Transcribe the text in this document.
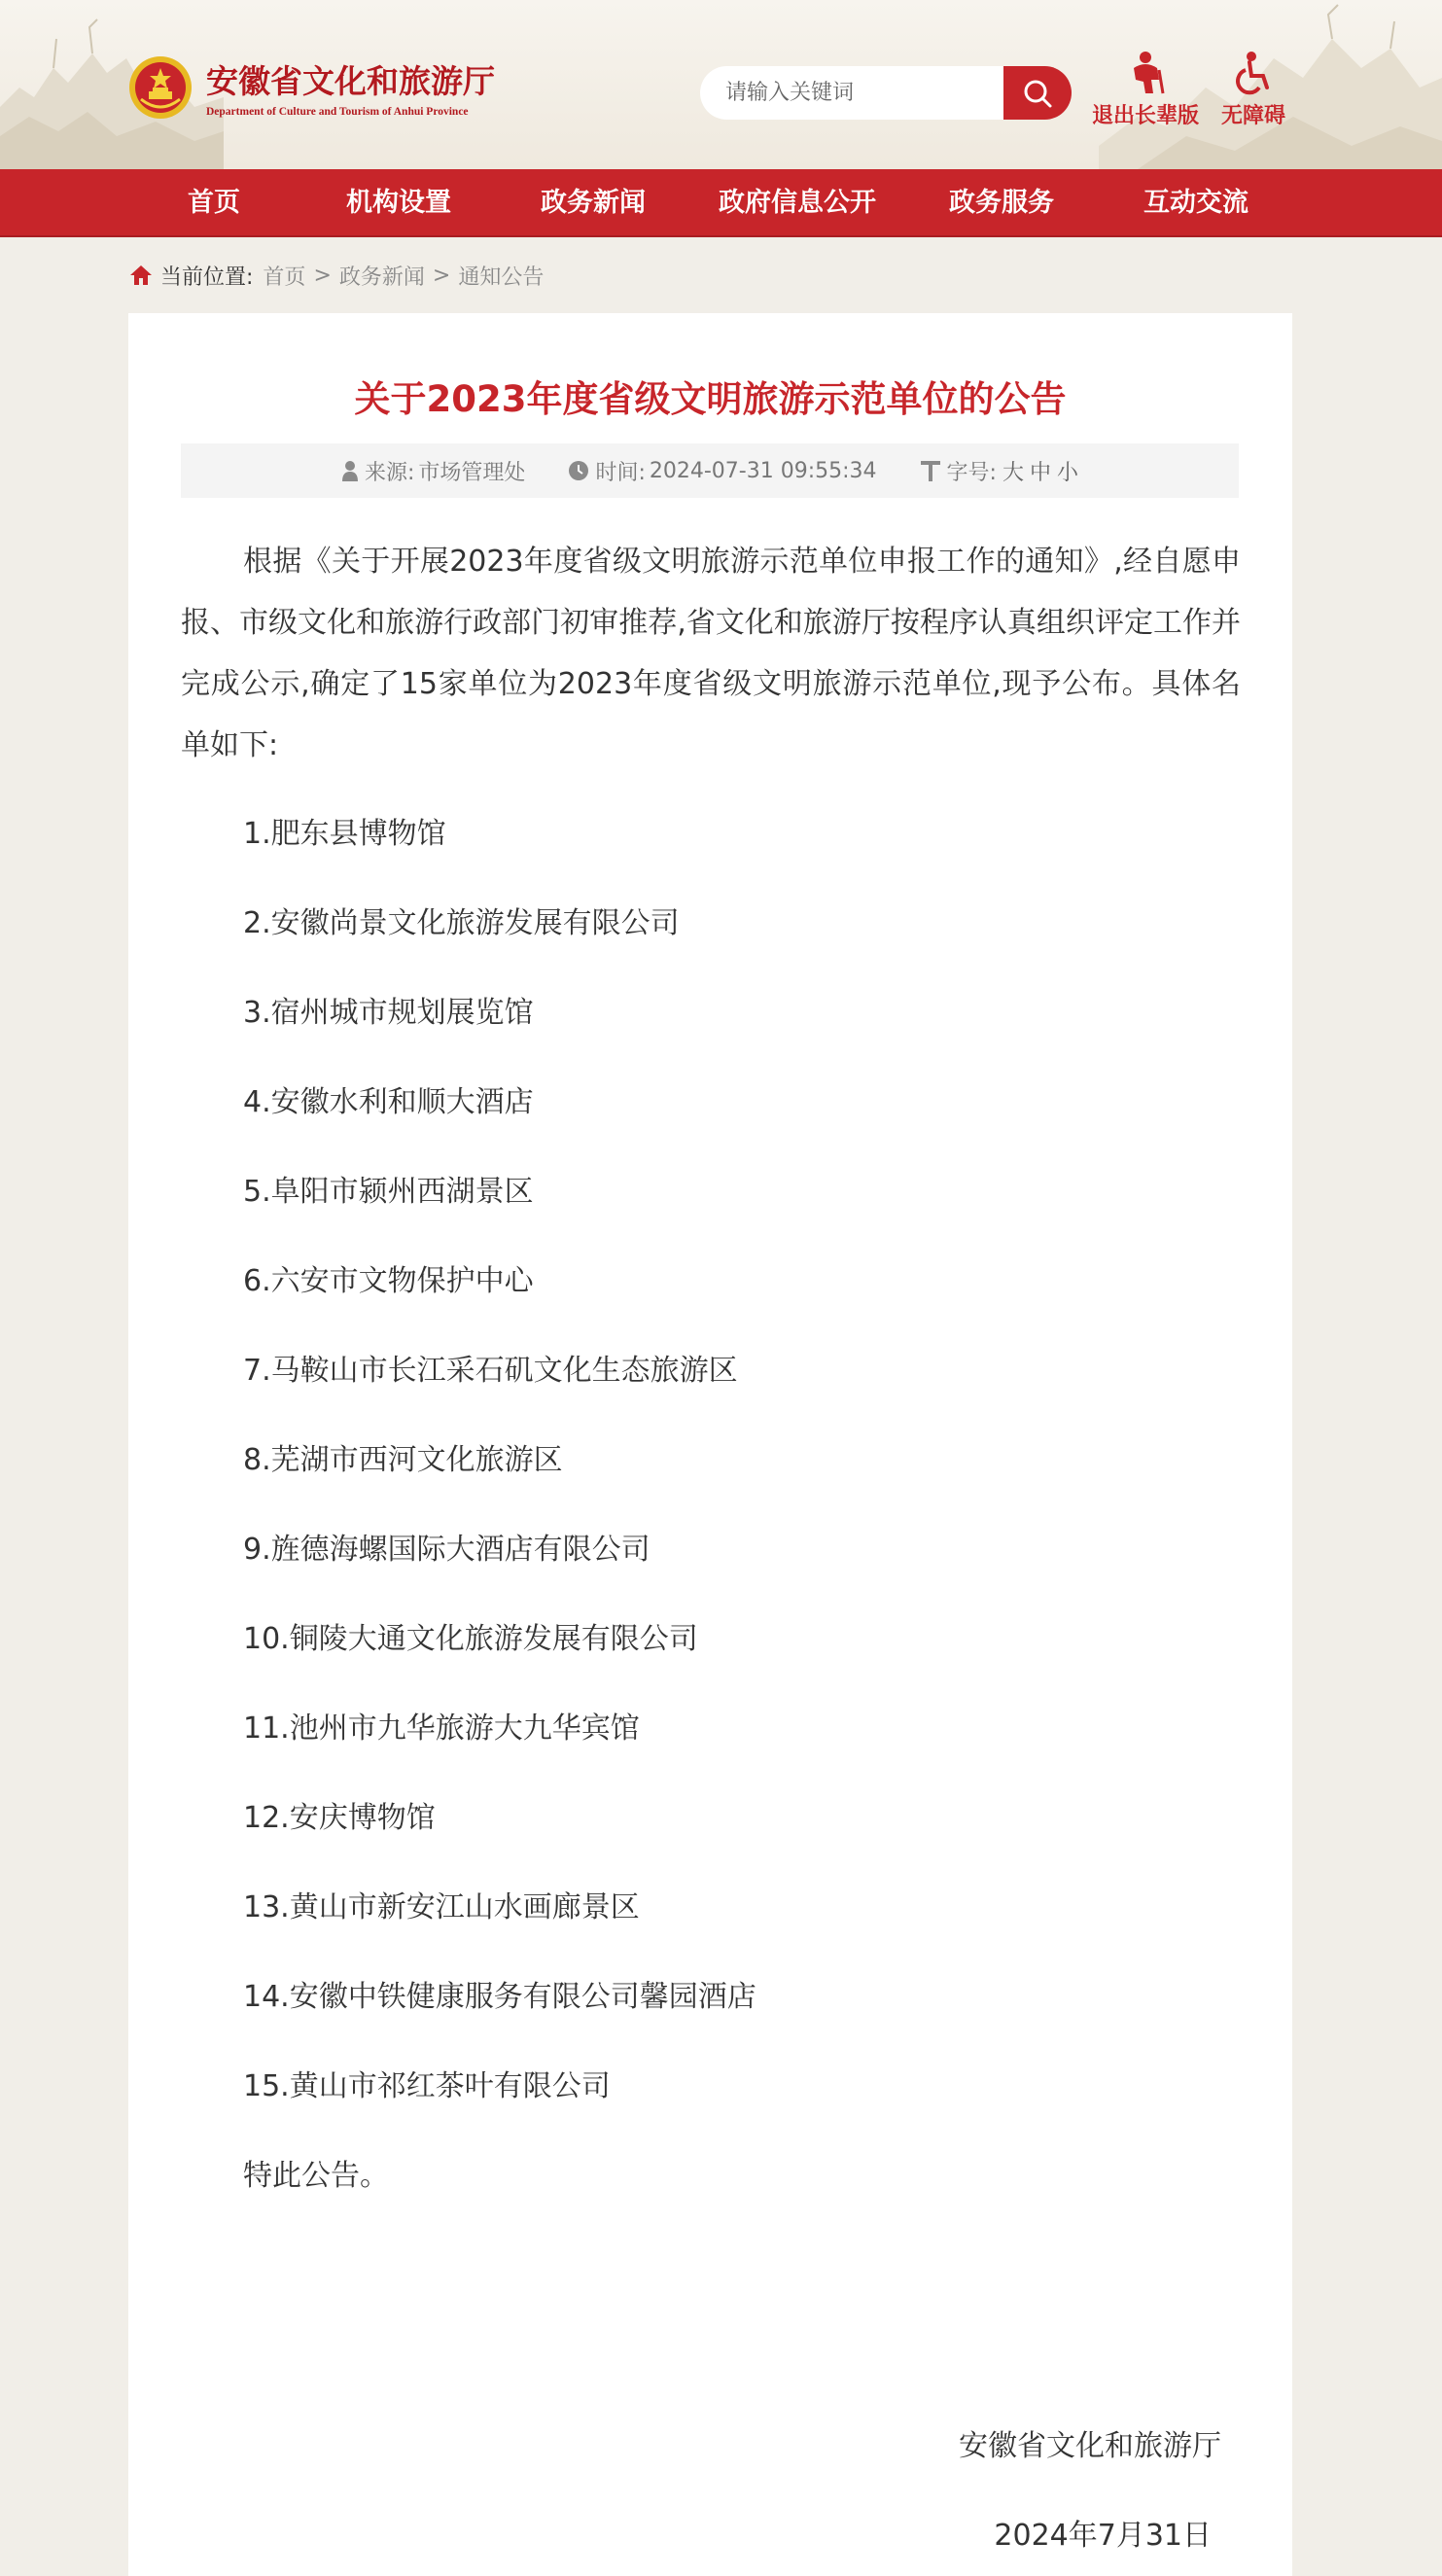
安徽省文化和旅游厅
Department of Culture and Tourism of Anhui Province
请输入关键词	退出长辈版 无障碍
首页	机构设置	政务新闻	政府信息公开	政务服务	互动交流
当前位置: 首页 > 政务新闻 > 通知公告
关于2023年度省级文明旅游示范单位的公告
来源: 市场管理处	时间: 2024-07-31 09:55:34	字号: 大 中 小
根据《关于开展2023年度省级文明旅游示范单位申报工作的通知》,经自愿申报、市级文化和旅游行政部门初审推荐,省文化和旅游厅按程序认真组织评定工作并完成公示,确定了15家单位为2023年度省级文明旅游示范单位,现予公布。具体名单如下:
1.肥东县博物馆
2.安徽尚景文化旅游发展有限公司
3.宿州城市规划展览馆
4.安徽水利和顺大酒店
5.阜阳市颍州西湖景区
6.六安市文物保护中心
7.马鞍山市长江采石矶文化生态旅游区
8.芜湖市西河文化旅游区
9.旌德海螺国际大酒店有限公司
10.铜陵大通文化旅游发展有限公司
11.池州市九华旅游大九华宾馆
12.安庆博物馆
13.黄山市新安江山水画廊景区
14.安徽中铁健康服务有限公司馨园酒店
15.黄山市祁红茶叶有限公司
特此公告。
安徽省文化和旅游厅
2024年7月31日
